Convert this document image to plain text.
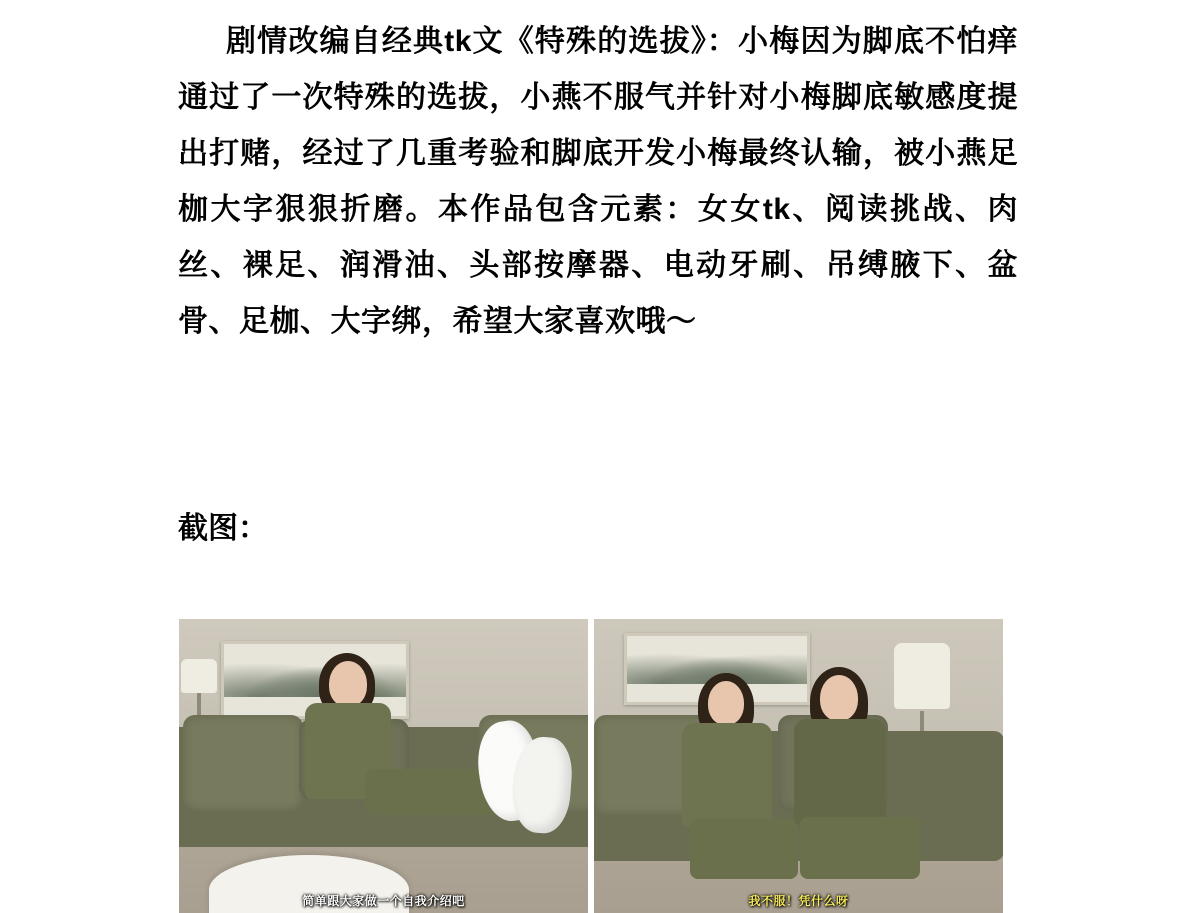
剧情改编自经典tk文《特殊的选拔》：小梅因为脚底不怕痒通过了一次特殊的选拔，小燕不服气并针对小梅脚底敏感度提出打赌，经过了几重考验和脚底开发小梅最终认输，被小燕足枷大字狠狠折磨。本作品包含元素：女女tk、阅读挑战、肉丝、裸足、润滑油、头部按摩器、电动牙刷、吊缚腋下、盆骨、足枷、大字绑，希望大家喜欢哦～

截图：
简单跟大家做一个自我介绍吧	我不服！凭什么呀
